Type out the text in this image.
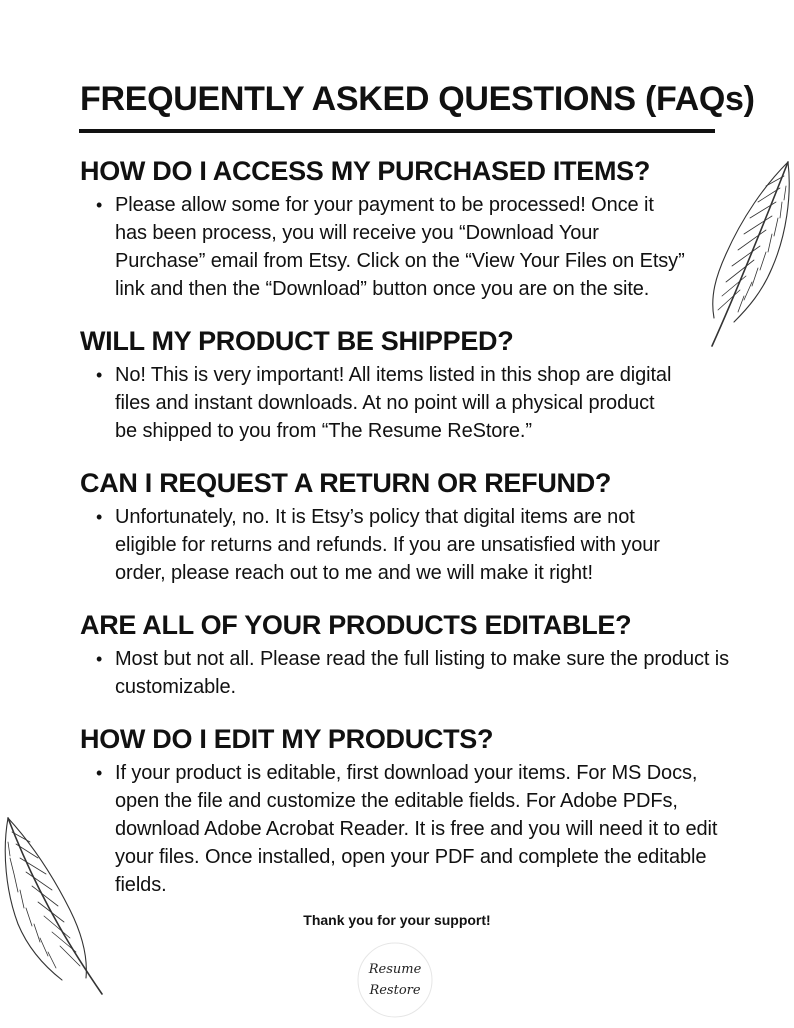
FREQUENTLY ASKED QUESTIONS (FAQs)
HOW DO I ACCESS MY PURCHASED ITEMS?
• Please allow some for your payment to be processed! Once it has been process, you will receive you “Download Your Purchase” email from Etsy. Click on the “View Your Files on Etsy” link and then the “Download” button once you are on the site.
WILL MY PRODUCT BE SHIPPED?
• No! This is very important! All items listed in this shop are digital files and instant downloads. At no point will a physical product be shipped to you from “The Resume ReStore.”
CAN I REQUEST A RETURN OR REFUND?
• Unfortunately, no. It is Etsy’s policy that digital items are not eligible for returns and refunds. If you are unsatisfied with your order, please reach out to me and we will make it right!
ARE ALL OF YOUR PRODUCTS EDITABLE?
• Most but not all. Please read the full listing to make sure the product is customizable.
HOW DO I EDIT MY PRODUCTS?
• If your product is editable, first download your items. For MS Docs, open the file and customize the editable fields. For Adobe PDFs, download Adobe Acrobat Reader. It is free and you will need it to edit your files. Once installed, open your PDF and complete the editable fields.
Thank you for your support!
Resume
Restore
